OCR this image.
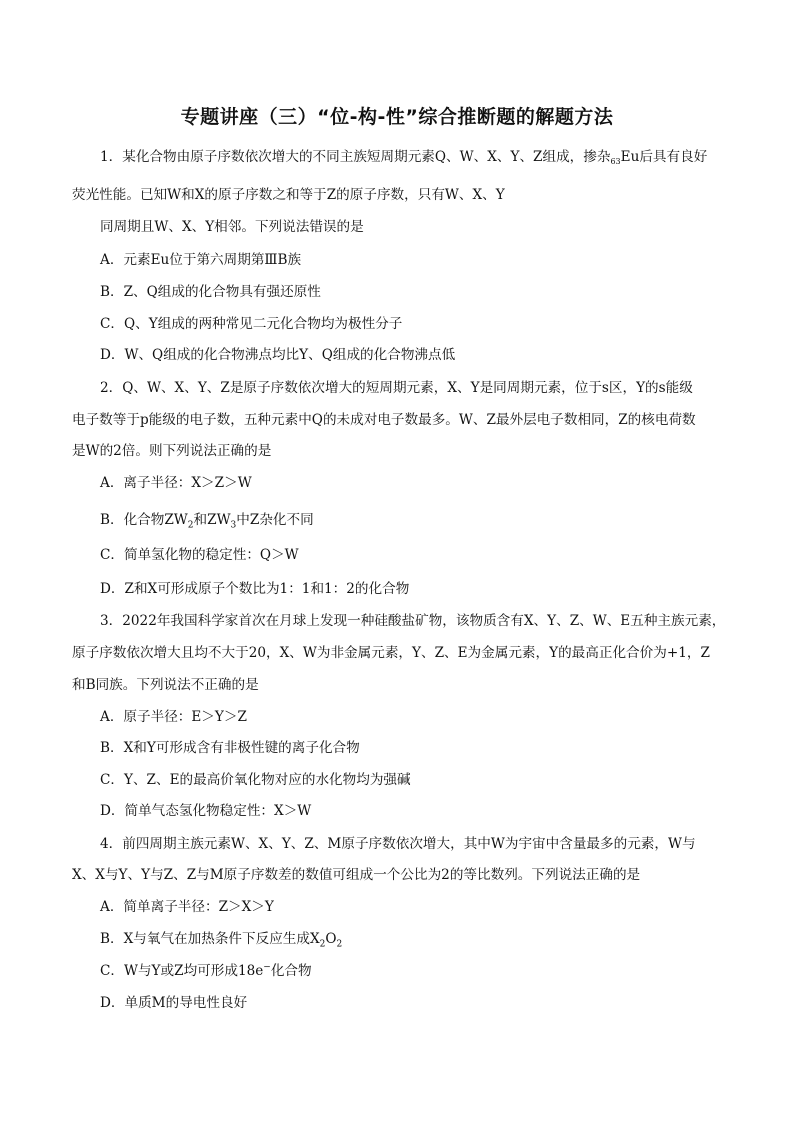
专题讲座（三）“位-构-性”综合推断题的解题方法
1．某化合物由原子序数依次增大的不同主族短周期元素Q、W、X、Y、Z组成，掺杂$_{63}$Eu后具有良好
荧光性能。已知W和X的原子序数之和等于Z的原子序数，只有W、X、Y
同周期且W、X、Y相邻。下列说法错误的是
A．元素Eu位于第六周期第ⅢB族
B．Z、Q组成的化合物具有强还原性
C．Q、Y组成的两种常见二元化合物均为极性分子
D．W、Q组成的化合物沸点均比Y、Q组成的化合物沸点低
2．Q、W、X、Y、Z是原子序数依次增大的短周期元素，X、Y是同周期元素，位于s区，Y的s能级
电子数等于p能级的电子数，五种元素中Q的未成对电子数最多。W、Z最外层电子数相同，Z的核电荷数
是W的2倍。则下列说法正确的是
A．离子半径：X＞Z＞W
B．化合物$ZW_2$和$ZW_3$中Z杂化不同
C．简单氢化物的稳定性：Q＞W
D．Z和X可形成原子个数比为1：1和1：2的化合物
3．2022年我国科学家首次在月球上发现一种硅酸盐矿物，该物质含有X、Y、Z、W、E五种主族元素，
原子序数依次增大且均不大于20，X、W为非金属元素，Y、Z、E为金属元素，Y的最高正化合价为+1，Z
和B同族。下列说法不正确的是
A．原子半径：E＞Y＞Z
B．X和Y可形成含有非极性键的离子化合物
C．Y、Z、E的最高价氧化物对应的水化物均为强碱
D．简单气态氢化物稳定性：X＞W
4．前四周期主族元素W、X、Y、Z、M原子序数依次增大，其中W为宇宙中含量最多的元素，W与
X、X与Y、Y与Z、Z与M原子序数差的数值可组成一个公比为2的等比数列。下列说法正确的是
A．简单离子半径：Z＞X＞Y
B．X与氧气在加热条件下反应生成$X_2O_2$
C．W与Y或Z均可形成18e−化合物
D．单质M的导电性良好
